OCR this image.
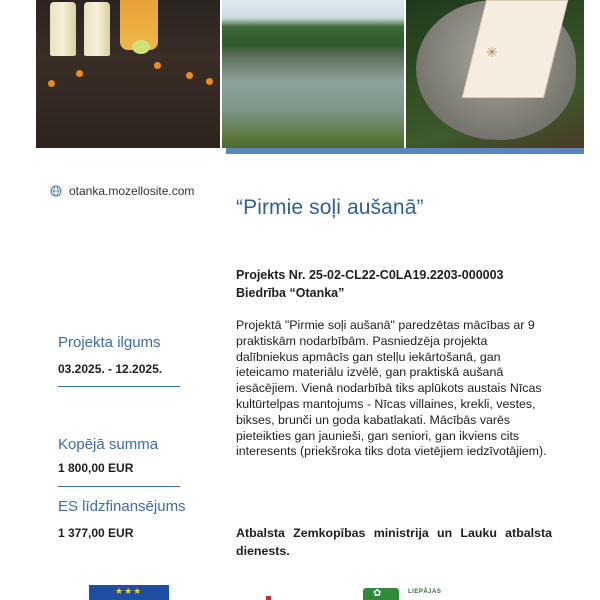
✳
otanka.mozellosite.com
“Pirmie soļi aušanā”
Projekts Nr. 25-02-CL22-C0LA19.2203-000003
Biedrība “Otanka”
Projektā "Pirmie soļi aušanā" paredzētas mācības ar 9 praktiskām nodarbībām. Pasniedzēja projekta dalībniekus apmācīs gan stelļu iekārtošanā, gan ieteicamo materiālu izvēlē, gan praktiskā aušanā iesācējiem. Vienā nodarbībā tiks aplūkots austais Nīcas kultūrtelpas mantojums - Nīcas villaines, krekli, vestes, bikses, brunči un goda kabatlakati. Mācībās varēs pieteikties gan jaunieši, gan seniori, gan ikviens cits interesents (priekšroka tiks dota vietējiem iedzīvotājiem).
Atbalsta Zemkopības ministrija un Lauku atbalsta dienests.
Projekta ilgums
03.2025. - 12.2025.
Kopējā summa
1 800,00 EUR
ES līdzfinansējums
1 377,00 EUR
★★★	✿	LIEPĀJAS
